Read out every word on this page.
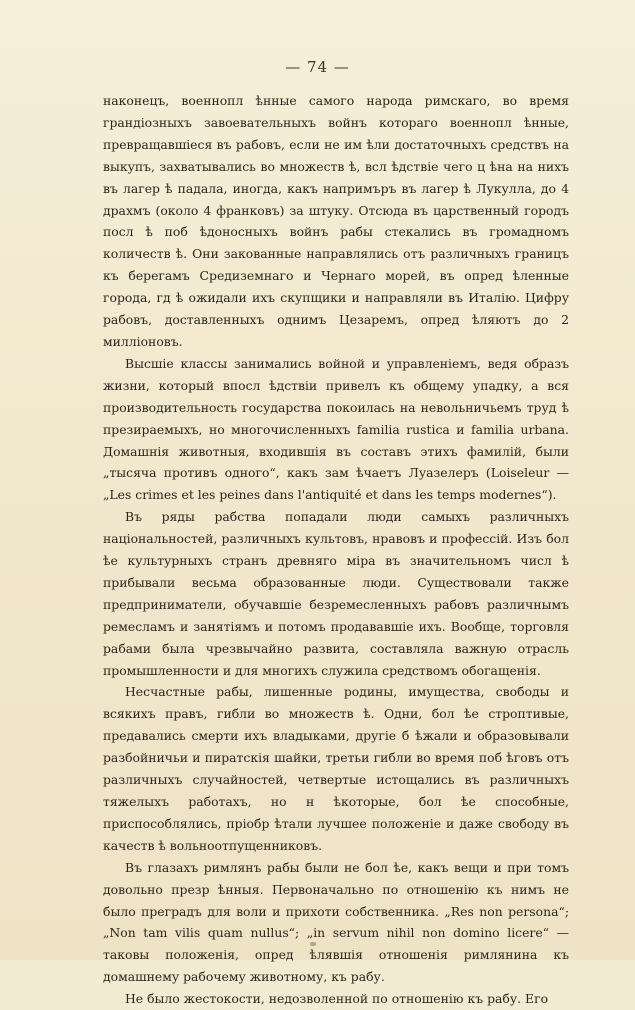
— 74 —

наконецъ, военнопл ѣнные самого народа римскаго, во время грандіозныхъ завоевательныхъ войнъ котораго военнопл ѣнные, превращавшіеся въ рабовъ, если не им ѣли достаточныхъ средствъ на выкупъ, захватывались во множеств ѣ, всл ѣдствіе чего ц ѣна на нихъ въ лагер ѣ падала, иногда, какъ напримъръ въ лагер ѣ Лукулла, до 4 драхмъ (около 4 франковъ) за штуку. Отсюда въ царственный городъ посл ѣ поб ѣдоносныхъ войнъ рабы стекались въ громадномъ количеств ѣ. Они закованные направлялись отъ различныхъ границъ къ берегамъ Средиземнаго и Чернаго морей, въ опред ѣленные города, гд ѣ ожидали ихъ скупщики и направляли въ Италію. Цифру рабовъ, доставленныхъ однимъ Цезаремъ, опред ѣляютъ до 2 милліоновъ.

Высшіе классы занимались войной и управленіемъ, ведя образъ жизни, который впосл ѣдствіи привелъ къ общему упадку, а вся производительность государства покоилась на невольничьемъ труд ѣ презираемыхъ, но многочисленныхъ familia rustica и familia urbana. Домашнія животныя, входившія въ составъ этихъ фамилій, были „тысяча противъ одного“, какъ зам ѣчаетъ Луазелеръ (Loiseleur — „Les crimes et les peines dans l'antiquité et dans les temps modernes“).

Въ ряды рабства попадали люди самыхъ различныхъ національностей, различныхъ культовъ, нравовъ и профессій. Изъ бол ѣе культурныхъ странъ древняго міра въ значительномъ числ ѣ прибывали весьма образованные люди. Существовали также предприниматели, обучавшіе безремесленныхъ рабовъ различнымъ ремесламъ и занятіямъ и потомъ продававшіе ихъ. Вообще, торговля рабами была чрезвычайно развита, составляла важную отрасль промышленности и для многихъ служила средствомъ обогащенія.

Несчастные рабы, лишенные родины, имущества, свободы и всякихъ правъ, гибли во множеств ѣ. Одни, бол ѣе строптивые, предавались смерти ихъ владыками, другіе б ѣжали и образовывали разбойничьи и пиратскія шайки, третьи гибли во время поб ѣговъ отъ различныхъ случайностей, четвертые истощались въ различныхъ тяжелыхъ работахъ, но н ѣкоторые, бол ѣе способные, приспособлялись, пріобр ѣтали лучшее положеніе и даже свободу въ качеств ѣ вольноотпущенниковъ.

Въ глазахъ римлянъ рабы были не бол ѣе, какъ вещи и при томъ довольно презр ѣнныя. Первоначально по отношенію къ нимъ не было преградъ для воли и прихоти собственника. „Res non persona“; „Non tam vilis quam nullus“; „in servum nihil non domino licere“ — таковы положенія, опред ѣлявшія отношенія римлянина къ домашнему рабочему животному, къ рабу.

Не было жестокости, недозволенной по отношенію къ рабу. Его
